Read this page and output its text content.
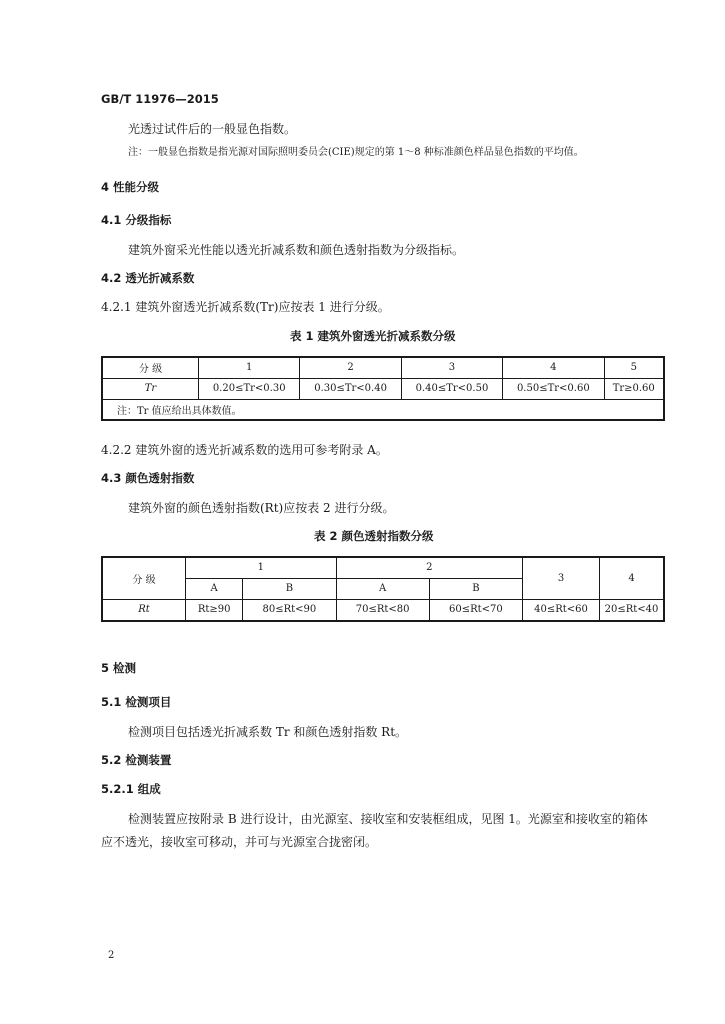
GB/T 11976—2015
光透过试件后的一般显色指数。
注：一般显色指数是指光源对国际照明委员会(CIE)规定的第 1～8 种标准颜色样品显色指数的平均值。
4 性能分级
4.1 分级指标
建筑外窗采光性能以透光折减系数和颜色透射指数为分级指标。
4.2 透光折减系数
4.2.1 建筑外窗透光折减系数(Tr)应按表 1 进行分级。
表 1 建筑外窗透光折减系数分级
分 级	1	2	3	4	5
Tr	0.20≤Tr<0.30	0.30≤Tr<0.40	0.40≤Tr<0.50	0.50≤Tr<0.60	Tr≥0.60
注：Tr 值应给出具体数值。					
4.2.2 建筑外窗的透光折减系数的选用可参考附录 A。
4.3 颜色透射指数
建筑外窗的颜色透射指数(Rt)应按表 2 进行分级。
表 2 颜色透射指数分级
分 级	1		2		3	4
	A	B	A	B		
Rt	Rt≥90	80≤Rt<90	70≤Rt<80	60≤Rt<70	40≤Rt<60	20≤Rt<40
5 检测
5.1 检测项目
检测项目包括透光折减系数 Tr 和颜色透射指数 Rt。
5.2 检测装置
5.2.1 组成
检测装置应按附录 B 进行设计，由光源室、接收室和安装框组成，见图 1。光源室和接收室的箱体
应不透光，接收室可移动，并可与光源室合拢密闭。
2
